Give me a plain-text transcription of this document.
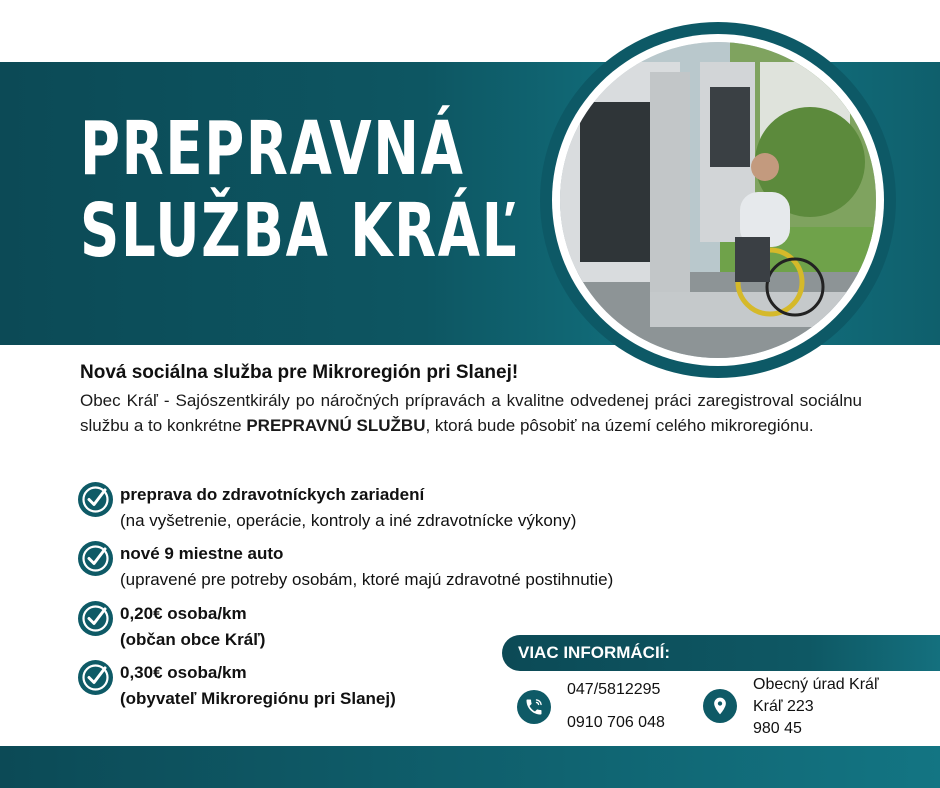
PREPRAVNÁ
SLUŽBA KRÁĽ
Nová sociálna služba pre Mikroregión pri Slanej!
Obec Kráľ - Sajószentkirály po náročných prípravách a kvalitne odvedenej práci zaregistroval sociálnu službu a to konkrétne PREPRAVNÚ SLUŽBU, ktorá bude pôsobiť na území celého mikroregiónu.
preprava do zdravotníckych zariadení
(na vyšetrenie, operácie, kontroly a iné zdravotnícke výkony)
nové 9 miestne auto
(upravené pre potreby osobám, ktoré majú zdravotné postihnutie)
0,20€ osoba/km
(občan obce Kráľ)
0,30€ osoba/km
(obyvateľ Mikroregiónu pri Slanej)
VIAC INFORMÁCIÍ:
047/5812295
0910 706 048
Obecný úrad Kráľ
Kráľ 223
980 45
